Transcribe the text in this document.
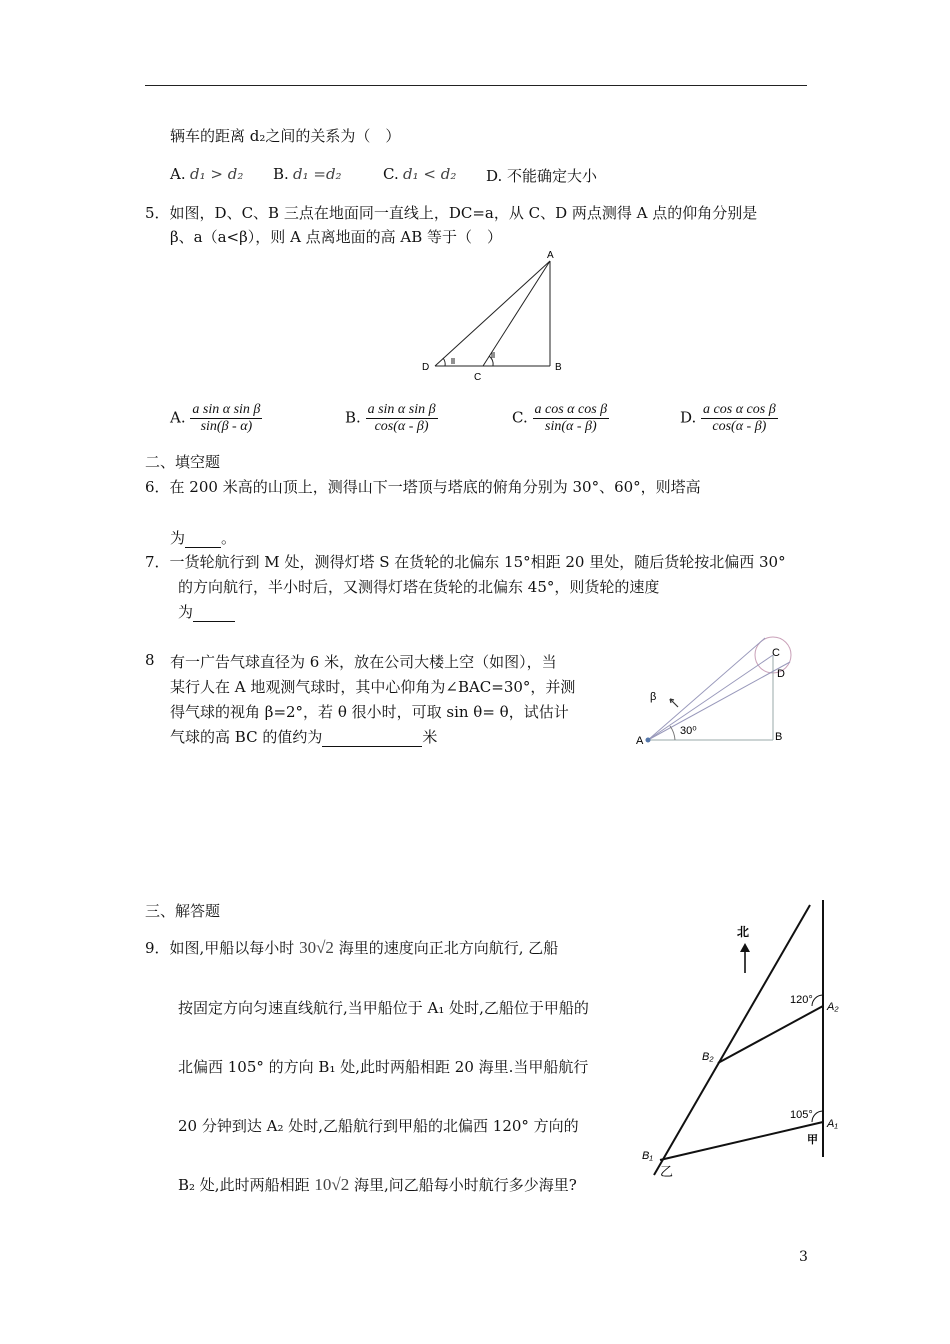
辆车的距离 d₂之间的关系为（　）
A. d₁ > d₂ B. d₁ =d₂	C. d₁ < d₂ D. 不能确定大小
5．如图，D、C、B 三点在地面同一直线上，DC=a，从 C、D 两点测得 A 点的仰角分别是
β、a（a<β），则 A 点离地面的高 AB 等于（　）
A
B
C
D
A. $\frac{\text{a sin α sin β}}{\sin(\beta - \alpha)}$	B. $\frac{\text{a sin α sin β}}{\cos(\alpha - \beta)}$	C. $\frac{\text{a cos α cos β}}{\sin(\alpha - \beta)}$	D. $\frac{\text{a cos α cos β}}{\cos(\alpha - \beta)}$
二、填空题
6．在 200 米高的山顶上，测得山下一塔顶与塔底的俯角分别为 30°、60°，则塔高
为 。
7．一货轮航行到 M 处，测得灯塔 S 在货轮的北偏东 15°相距 20 里处，随后货轮按北偏西 30°
的方向航行，半小时后，又测得灯塔在货轮的北偏东 45°，则货轮的速度
为
8 有一广告气球直径为 6 米，放在公司大楼上空（如图），当
某行人在 A 地观测气球时，其中心仰角为∠BAC=30°，并测
得气球的视角 β=2°，若 θ 很小时，可取 sin θ= θ，试估计
气球的高 BC 的值约为	米	A	B
C
D
β
30⁰
三、解答题
9．如图,甲船以每小时 30√2 海里的速度向正北方向航行, 乙船
按固定方向匀速直线航行,当甲船位于 A₁ 处时,乙船位于甲船的
北偏西 105° 的方向 B₁ 处,此时两船相距 20 海里.当甲船航行
20 分钟到达 A₂ 处时,乙船航行到甲船的北偏西 120° 方向的
B₂ 处,此时两船相距 10√2 海里,问乙船每小时航行多少海里?
北
120°
105°
A₂
A₁
B₂
B₁
甲
乙
3
